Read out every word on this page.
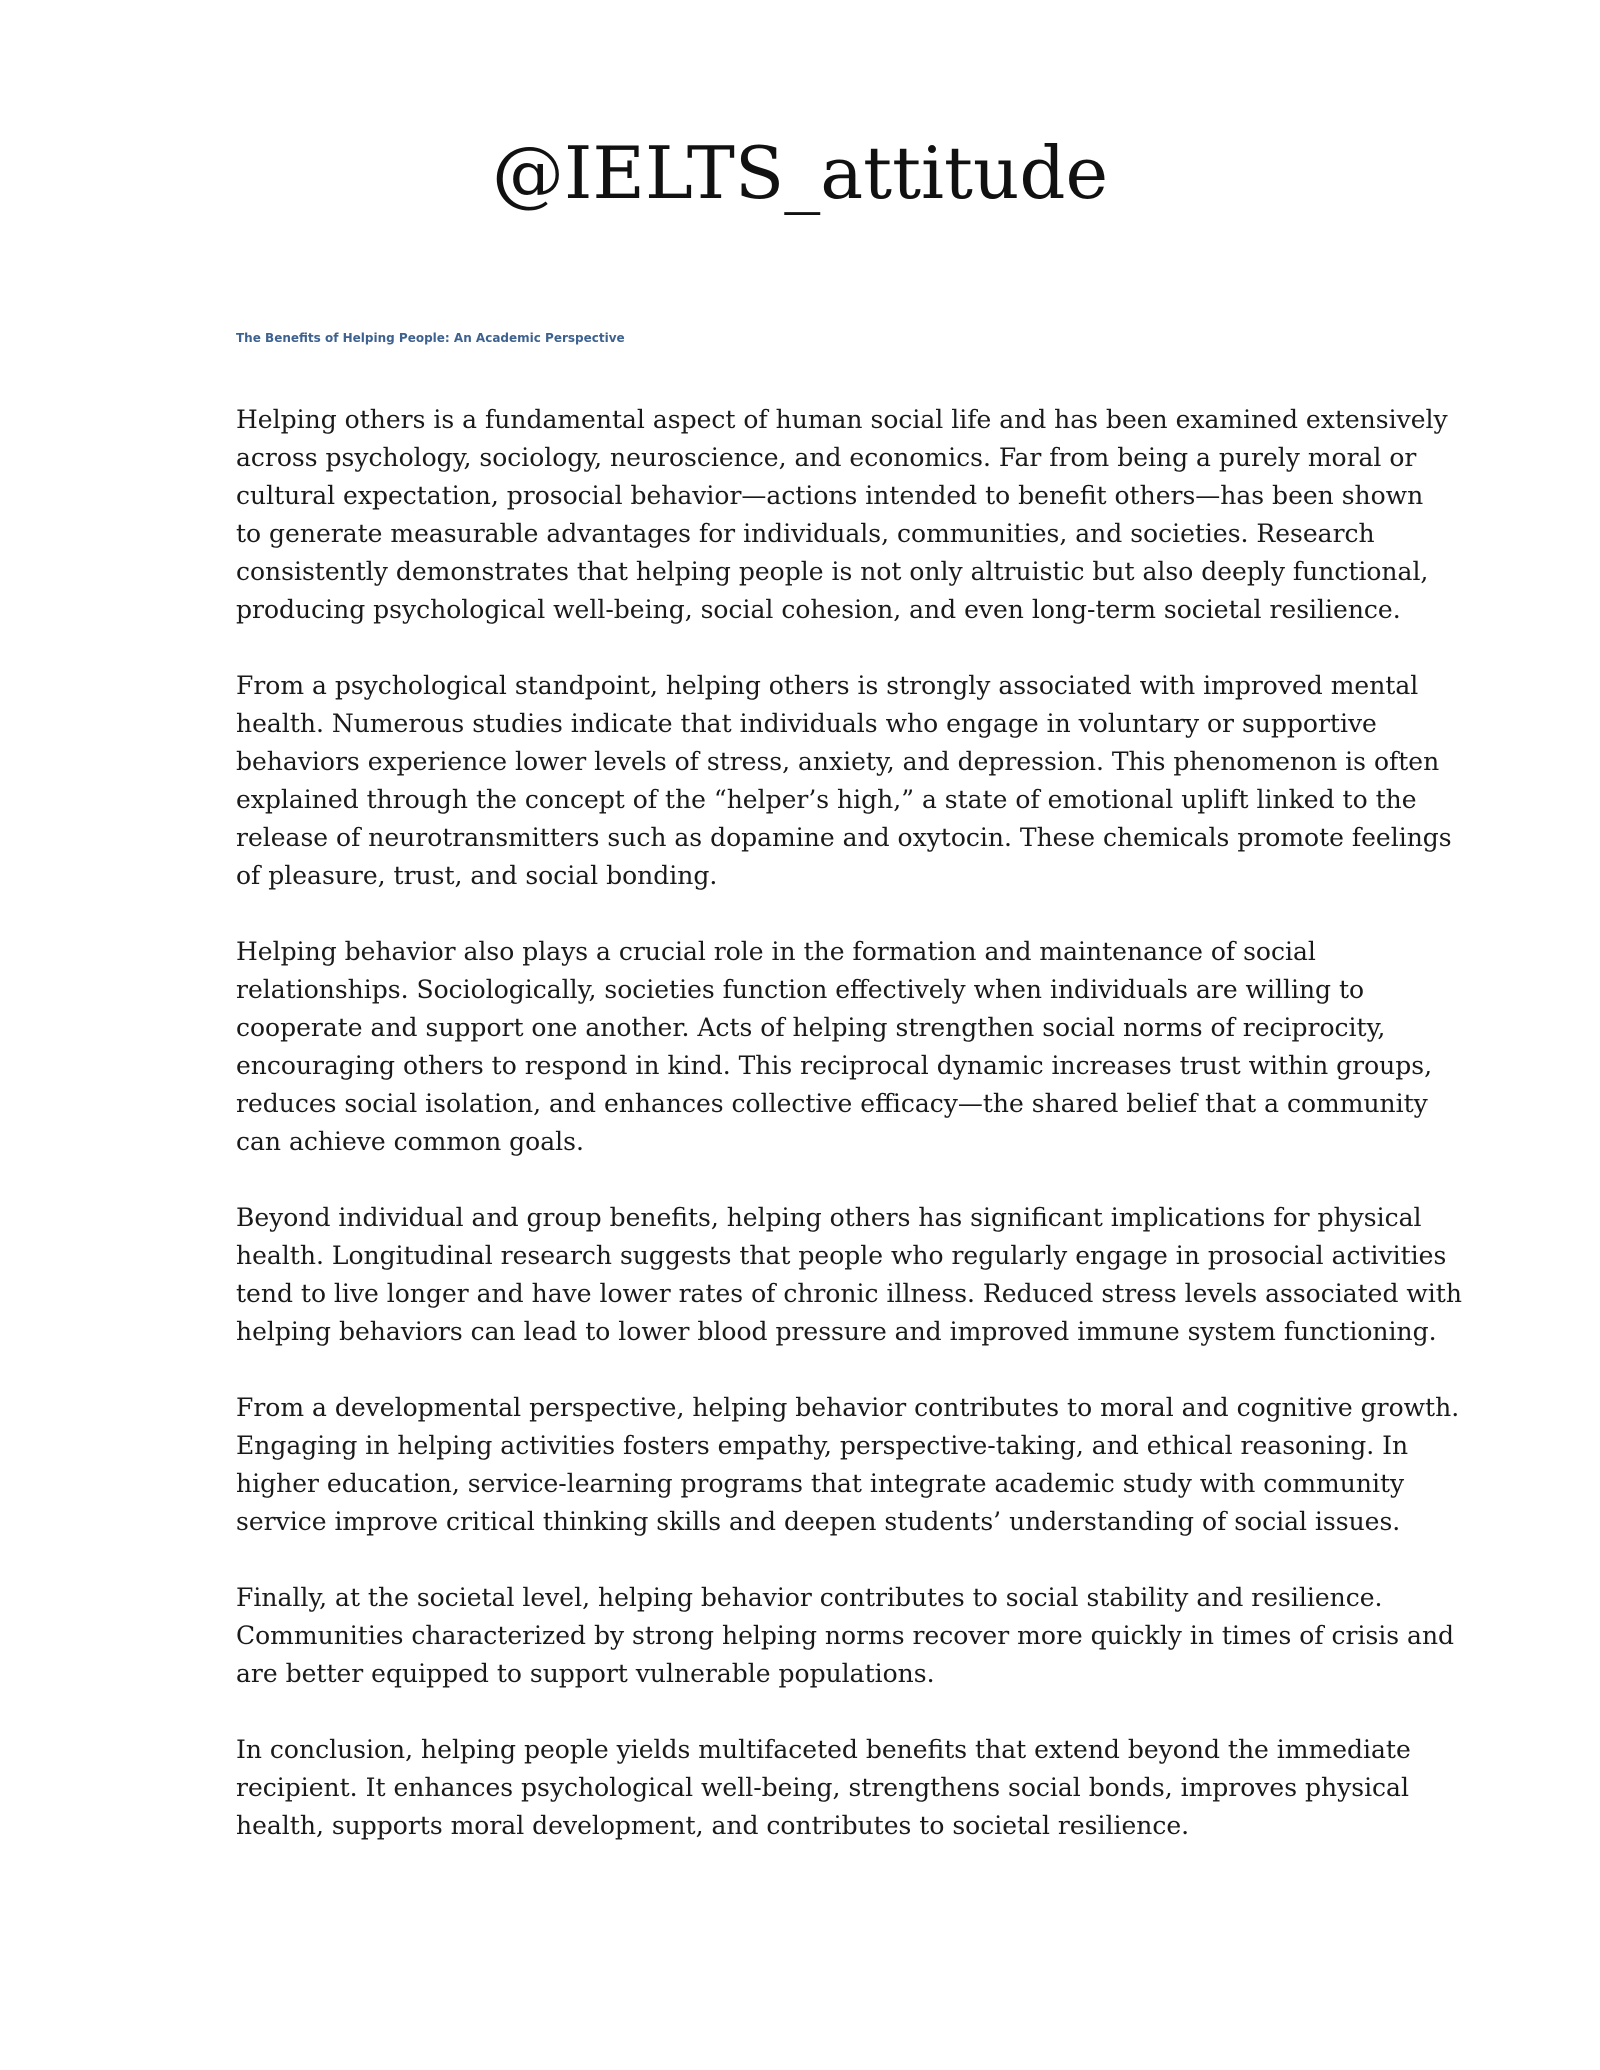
@IELTS_attitude
The Benefits of Helping People: An Academic Perspective

Helping others is a fundamental aspect of human social life and has been examined extensively
across psychology, sociology, neuroscience, and economics. Far from being a purely moral or
cultural expectation, prosocial behavior—actions intended to benefit others—has been shown
to generate measurable advantages for individuals, communities, and societies. Research
consistently demonstrates that helping people is not only altruistic but also deeply functional,
producing psychological well-being, social cohesion, and even long-term societal resilience.

From a psychological standpoint, helping others is strongly associated with improved mental
health. Numerous studies indicate that individuals who engage in voluntary or supportive
behaviors experience lower levels of stress, anxiety, and depression. This phenomenon is often
explained through the concept of the “helper’s high,” a state of emotional uplift linked to the
release of neurotransmitters such as dopamine and oxytocin. These chemicals promote feelings
of pleasure, trust, and social bonding.

Helping behavior also plays a crucial role in the formation and maintenance of social
relationships. Sociologically, societies function effectively when individuals are willing to
cooperate and support one another. Acts of helping strengthen social norms of reciprocity,
encouraging others to respond in kind. This reciprocal dynamic increases trust within groups,
reduces social isolation, and enhances collective efficacy—the shared belief that a community
can achieve common goals.

Beyond individual and group benefits, helping others has significant implications for physical
health. Longitudinal research suggests that people who regularly engage in prosocial activities
tend to live longer and have lower rates of chronic illness. Reduced stress levels associated with
helping behaviors can lead to lower blood pressure and improved immune system functioning.

From a developmental perspective, helping behavior contributes to moral and cognitive growth.
Engaging in helping activities fosters empathy, perspective-taking, and ethical reasoning. In
higher education, service-learning programs that integrate academic study with community
service improve critical thinking skills and deepen students’ understanding of social issues.

Finally, at the societal level, helping behavior contributes to social stability and resilience.
Communities characterized by strong helping norms recover more quickly in times of crisis and
are better equipped to support vulnerable populations.

In conclusion, helping people yields multifaceted benefits that extend beyond the immediate
recipient. It enhances psychological well-being, strengthens social bonds, improves physical
health, supports moral development, and contributes to societal resilience.
